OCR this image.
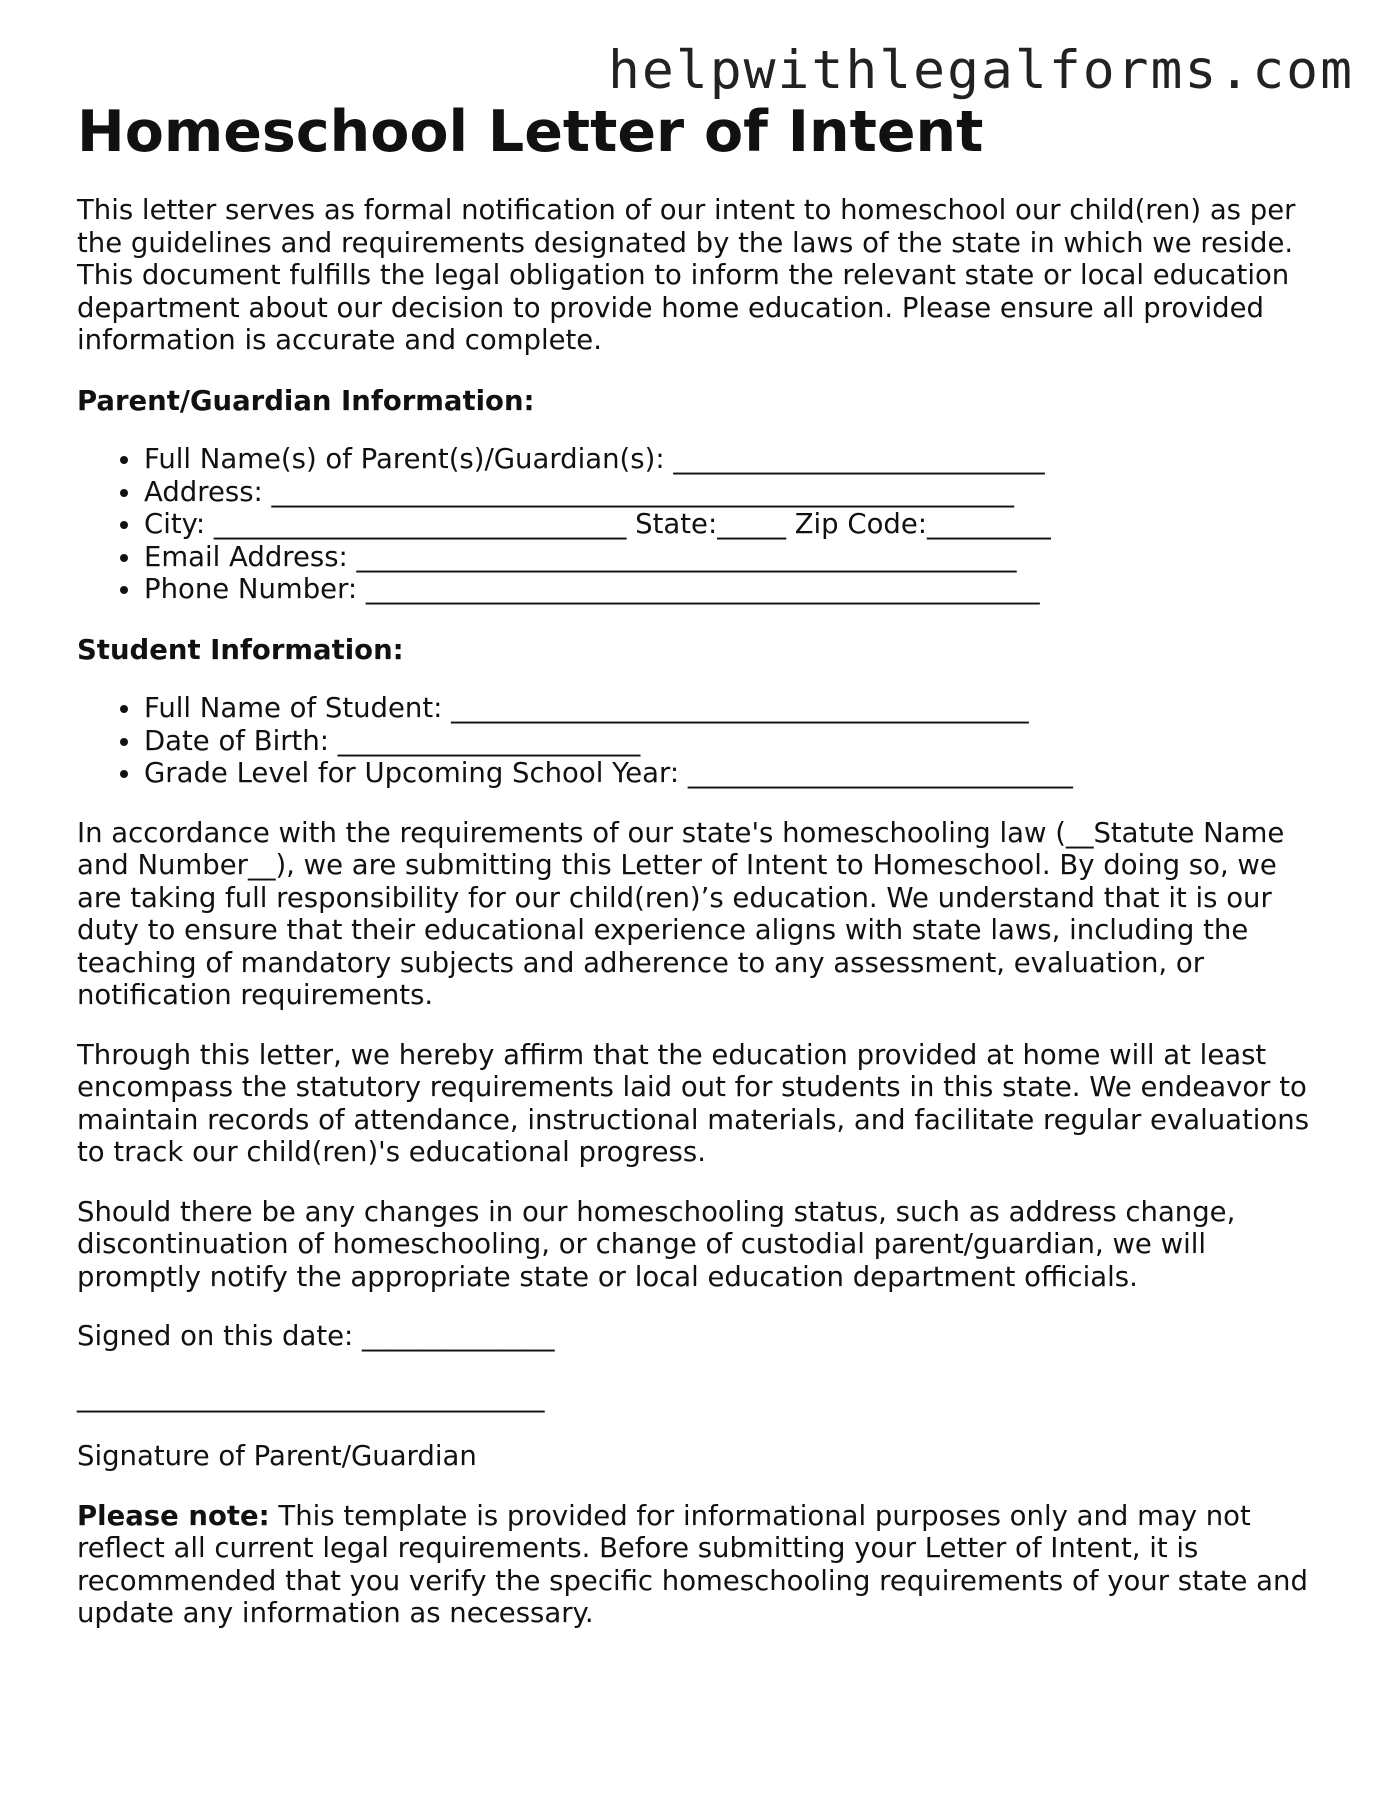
helpwithlegalforms.com
Homeschool Letter of Intent

This letter serves as formal notification of our intent to homeschool our child(ren) as per the guidelines and requirements designated by the laws of the state in which we reside. This document fulfills the legal obligation to inform the relevant state or local education department about our decision to provide home education. Please ensure all provided information is accurate and complete.

Parent/Guardian Information:
Full Name(s) of Parent(s)/Guardian(s): ___________________________
Address: ______________________________________________________
City: ______________________________ State:_____ Zip Code:_________
Email Address: ________________________________________________
Phone Number: _________________________________________________
Student Information:
Full Name of Student: __________________________________________
Date of Birth: ______________________
Grade Level for Upcoming School Year: ____________________________

In accordance with the requirements of our state's homeschooling law (__Statute Name and Number__), we are submitting this Letter of Intent to Homeschool. By doing so, we are taking full responsibility for our child(ren)’s education. We understand that it is our duty to ensure that their educational experience aligns with state laws, including the teaching of mandatory subjects and adherence to any assessment, evaluation, or notification requirements.

Through this letter, we hereby affirm that the education provided at home will at least encompass the statutory requirements laid out for students in this state. We endeavor to maintain records of attendance, instructional materials, and facilitate regular evaluations to track our child(ren)'s educational progress.

Should there be any changes in our homeschooling status, such as address change, discontinuation of homeschooling, or change of custodial parent/guardian, we will promptly notify the appropriate state or local education department officials.

Signed on this date: ______________

__________________________________

Signature of Parent/Guardian

Please note: This template is provided for informational purposes only and may not reflect all current legal requirements. Before submitting your Letter of Intent, it is recommended that you verify the specific homeschooling requirements of your state and update any information as necessary.
